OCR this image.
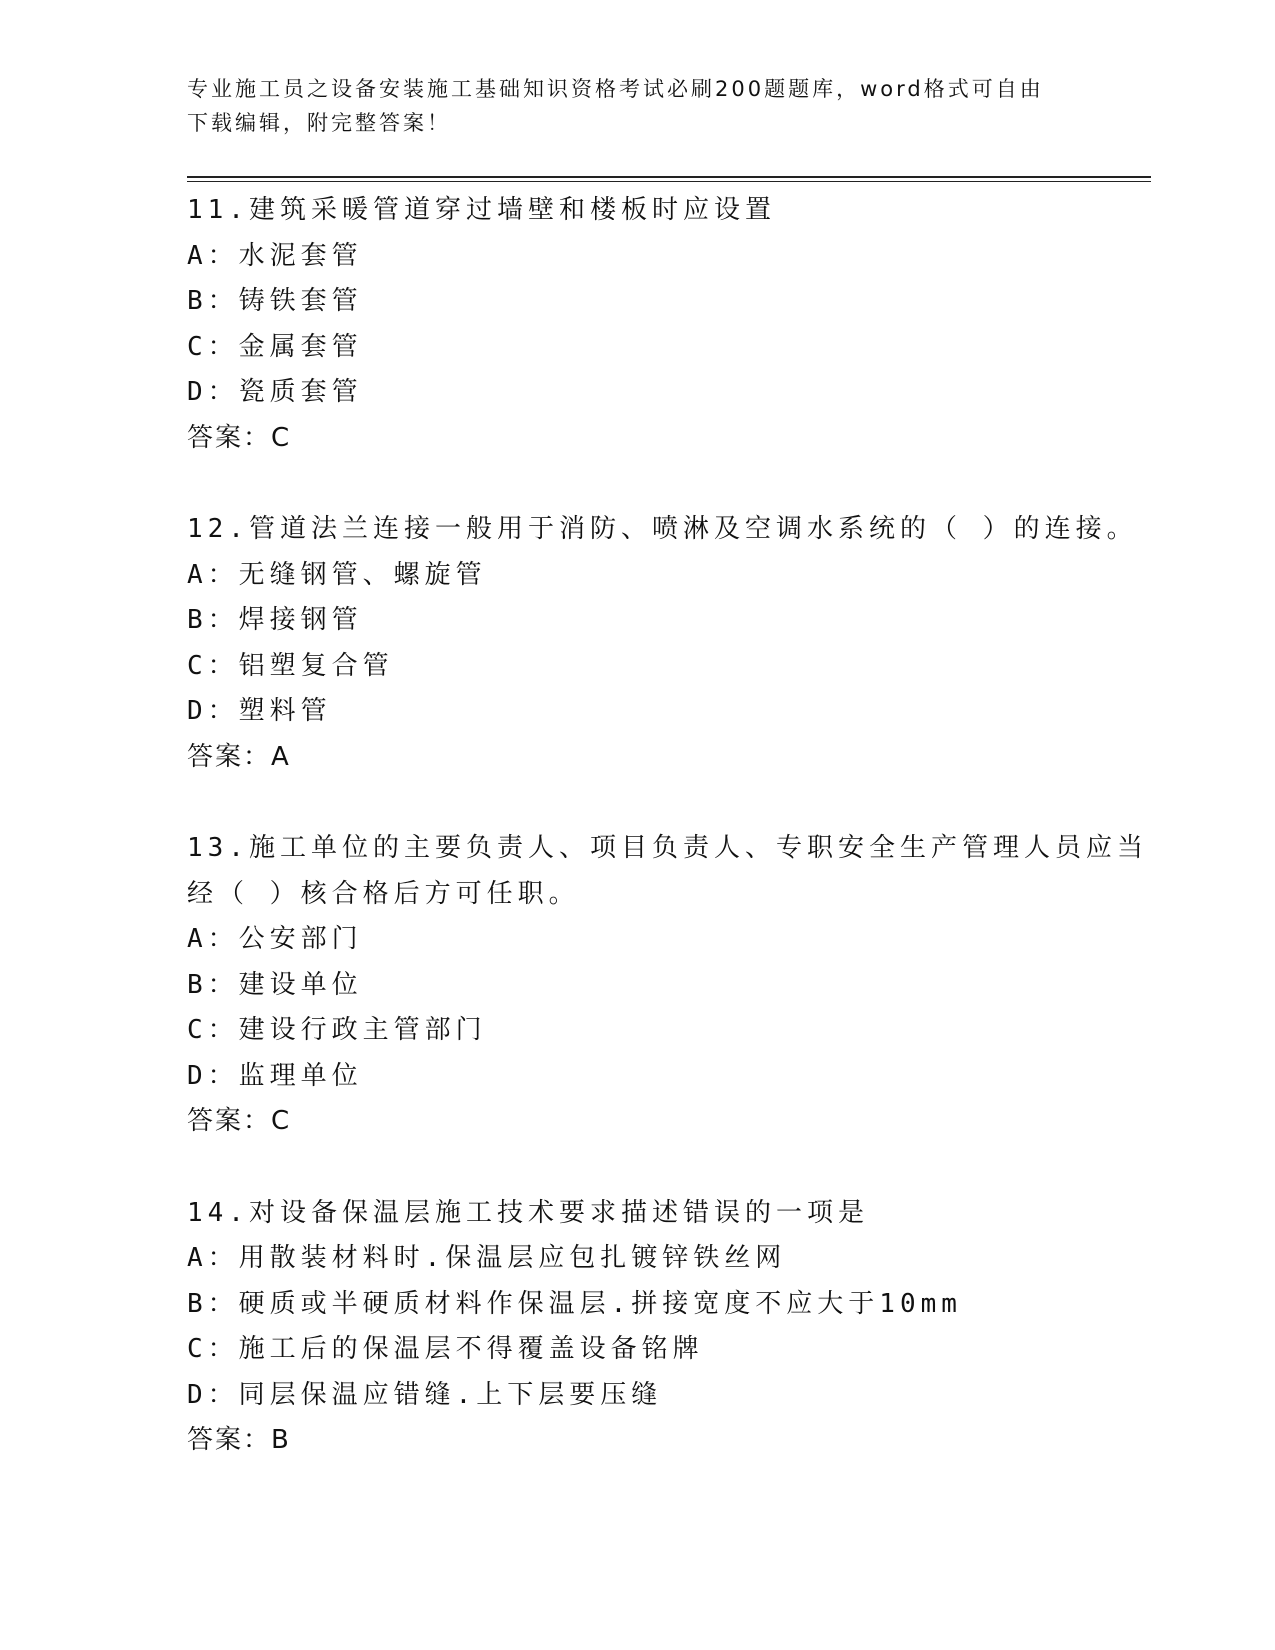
专业施工员之设备安装施工基础知识资格考试必刷200题题库，word格式可自由
下载编辑，附完整答案！
11.建筑采暖管道穿过墙壁和楼板时应设置
A：水泥套管
B：铸铁套管
C：金属套管
D：瓷质套管
答案：C
12.管道法兰连接一般用于消防、喷淋及空调水系统的（ ）的连接。
A：无缝钢管、螺旋管
B：焊接钢管
C：铝塑复合管
D：塑料管
答案：A
13.施工单位的主要负责人、项目负责人、专职安全生产管理人员应当
经（ ）核合格后方可任职。
A：公安部门
B：建设单位
C：建设行政主管部门
D：监理单位
答案：C
14.对设备保温层施工技术要求描述错误的一项是
A：用散装材料时.保温层应包扎镀锌铁丝网
B：硬质或半硬质材料作保温层.拼接宽度不应大于10mm
C：施工后的保温层不得覆盖设备铭牌
D：同层保温应错缝.上下层要压缝
答案：B
